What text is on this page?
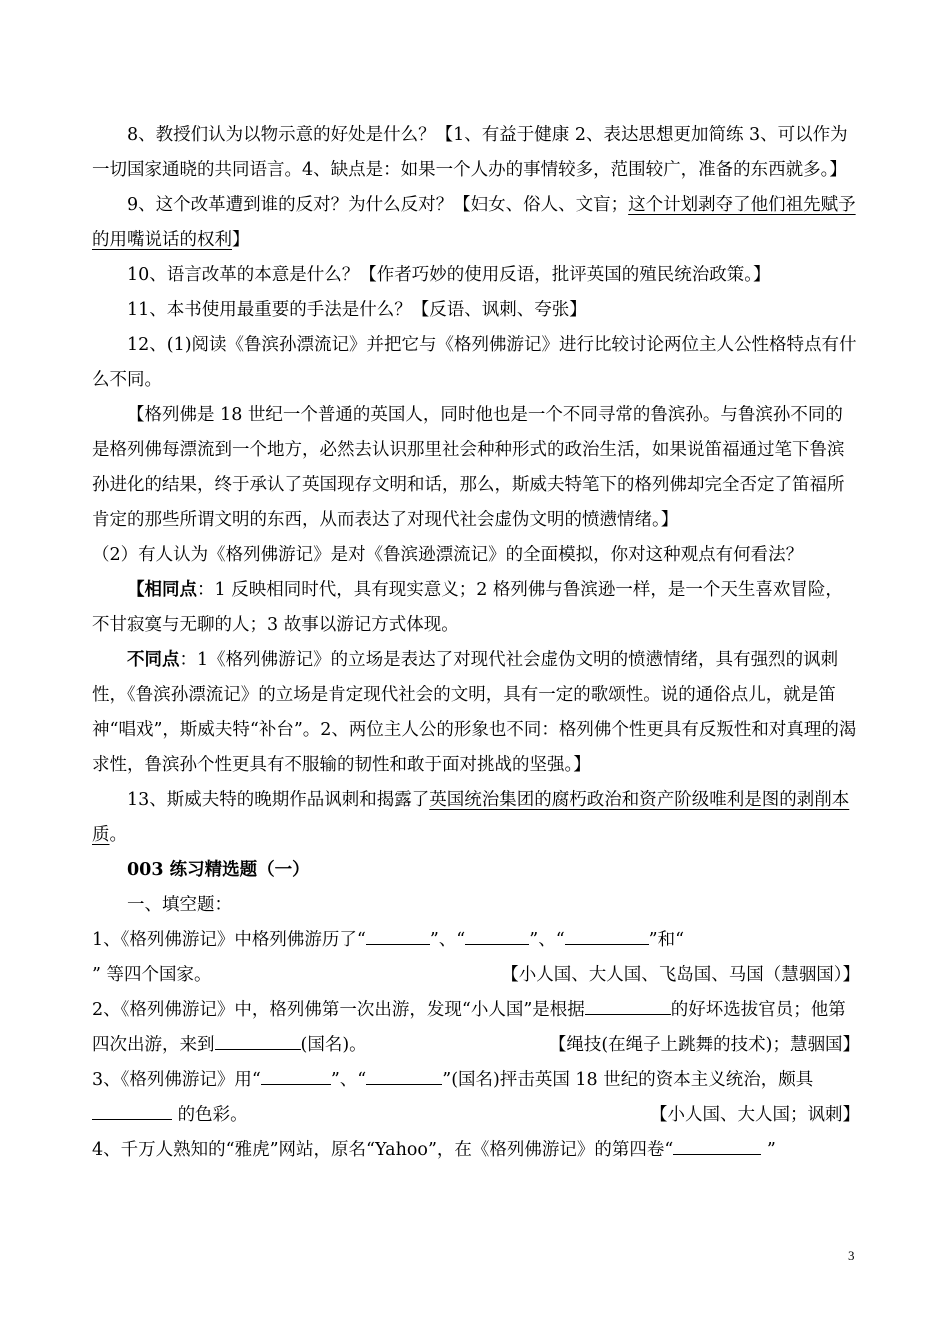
8、教授们认为以物示意的好处是什么？【1、有益于健康 2、表达思想更加简练 3、可以作为一切国家通晓的共同语言。4、缺点是：如果一个人办的事情较多，范围较广，准备的东西就多。】

9、这个改革遭到谁的反对？为什么反对？【妇女、俗人、文盲；这个计划剥夺了他们祖先赋予的用嘴说话的权利】

10、语言改革的本意是什么？【作者巧妙的使用反语，批评英国的殖民统治政策。】

11、本书使用最重要的手法是什么？【反语、讽刺、夸张】

12、(1)阅读《鲁滨孙漂流记》并把它与《格列佛游记》进行比较讨论两位主人公性格特点有什么不同。

【格列佛是 18 世纪一个普通的英国人，同时他也是一个不同寻常的鲁滨孙。与鲁滨孙不同的是格列佛每漂流到一个地方，必然去认识那里社会种种形式的政治生活，如果说笛福通过笔下鲁滨孙进化的结果，终于承认了英国现存文明和话，那么，斯威夫特笔下的格列佛却完全否定了笛福所肯定的那些所谓文明的东西，从而表达了对现代社会虚伪文明的愤懑情绪。】

（2）有人认为《格列佛游记》是对《鲁滨逊漂流记》的全面模拟，你对这种观点有何看法？

【相同点：1 反映相同时代，具有现实意义；2 格列佛与鲁滨逊一样，是一个天生喜欢冒险，不甘寂寞与无聊的人；3 故事以游记方式体现。

不同点：1《格列佛游记》的立场是表达了对现代社会虚伪文明的愤懑情绪，具有强烈的讽刺性，《鲁滨孙漂流记》的立场是肯定现代社会的文明，具有一定的歌颂性。说的通俗点儿，就是笛神“唱戏”，斯威夫特“补台”。2、两位主人公的形象也不同：格列佛个性更具有反叛性和对真理的渴求性，鲁滨孙个性更具有不服输的韧性和敢于面对挑战的坚强。】

13、斯威夫特的晚期作品讽刺和揭露了英国统治集团的腐朽政治和资产阶级唯利是图的剥削本质。

003 练习精选题（一）

一、填空题：

1、《格列佛游记》中格列佛游历了“	”、“	”、“	”和“
” 等四个国家。	【小人国、大人国、飞岛国、马国（慧骃国）】

2、《格列佛游记》中，格列佛第一次出游，发现“小人国”是根据	的好坏选拔官员；他第四次出游，来到	(国名)。	【绳技(在绳子上跳舞的技术)；慧骃国】

3、《格列佛游记》用“	”、“	”(国名)抨击英国 18 世纪的资本主义统治，颇具 的色彩。	【小人国、大人国；讽刺】

4、千万人熟知的“雅虎”网站，原名“Yahoo”，在《格列佛游记》的第四卷“	”

3
